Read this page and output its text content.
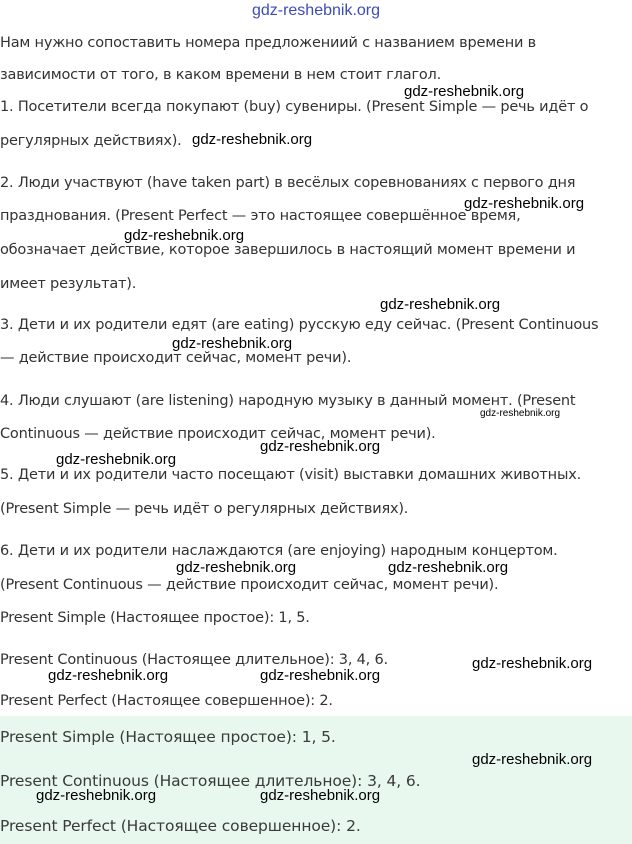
gdz-reshebnik.org
Нам нужно сопоставить номера предложениий с названием времени в
зависимости от того, в каком времени в нем стоит глагол.
1. Посетители всегда покупают (buy) сувениры. (Present Simple — речь идёт о
регулярных действиях).
2. Люди участвуют (have taken part) в весёлых соревнованиях с первого дня
празднования. (Present Perfect — это настоящее совершённое время,
обозначает действие, которое завершилось в настоящий момент времени и
имеет результат).
3. Дети и их родители едят (are eating) русскую еду сейчас. (Present Continuous
— действие происходит сейчас, момент речи).
4. Люди слушают (are listening) народную музыку в данный момент. (Present
Continuous — действие происходит сейчас, момент речи).
5. Дети и их родители часто посещают (visit) выставки домашних животных.
(Present Simple — речь идёт о регулярных действиях).
6. Дети и их родители наслаждаются (are enjoying) народным концертом.
(Present Continuous — действие происходит сейчас, момент речи).
Present Simple (Настоящее простое): 1, 5.
Present Continuous (Настоящее длительное): 3, 4, 6.
Present Perfect (Настоящее совершенное): 2.
Present Simple (Настоящее простое): 1, 5.
Present Continuous (Настоящее длительное): 3, 4, 6.
Present Perfect (Настоящее совершенное): 2.
gdz-reshebnik.org
gdz-reshebnik.org
gdz-reshebnik.org
gdz-reshebnik.org
gdz-reshebnik.org
gdz-reshebnik.org
gdz-reshebnik.org
gdz-reshebnik.org
gdz-reshebnik.org
gdz-reshebnik.org	gdz-reshebnik.org
gdz-reshebnik.org
gdz-reshebnik.org	gdz-reshebnik.org
gdz-reshebnik.org
gdz-reshebnik.org	gdz-reshebnik.org
